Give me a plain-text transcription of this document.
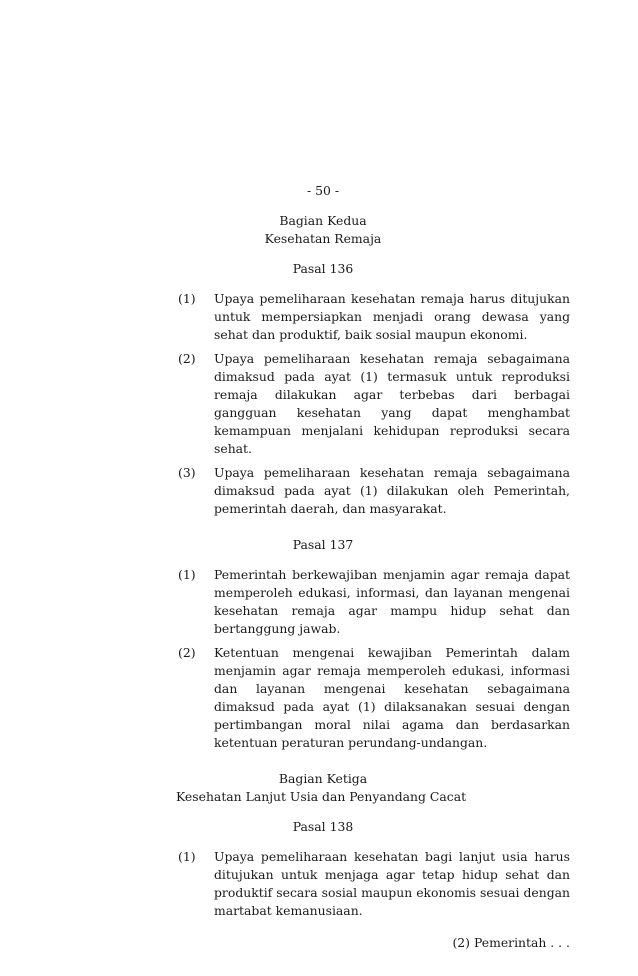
- 50 -
Bagian Kedua
Kesehatan Remaja
Pasal 136
(1)	Upaya pemeliharaan kesehatan remaja harus ditujukan untuk mempersiapkan menjadi orang dewasa yang sehat dan produktif, baik sosial maupun ekonomi.
(2)	Upaya pemeliharaan kesehatan remaja sebagaimana dimaksud pada ayat (1) termasuk untuk reproduksi remaja dilakukan agar terbebas dari berbagai gangguan kesehatan yang dapat menghambat kemampuan menjalani kehidupan reproduksi secara sehat.
(3)	Upaya pemeliharaan kesehatan remaja sebagaimana dimaksud pada ayat (1) dilakukan oleh Pemerintah, pemerintah daerah, dan masyarakat.
Pasal 137
(1)	Pemerintah berkewajiban menjamin agar remaja dapat memperoleh edukasi, informasi, dan layanan mengenai kesehatan remaja agar mampu hidup sehat dan bertanggung jawab.
(2)	Ketentuan mengenai kewajiban Pemerintah dalam menjamin agar remaja memperoleh edukasi, informasi dan layanan mengenai kesehatan sebagaimana dimaksud pada ayat (1) dilaksanakan sesuai dengan pertimbangan moral nilai agama dan berdasarkan ketentuan peraturan perundang-undangan.
Bagian Ketiga
Kesehatan Lanjut Usia dan Penyandang Cacat
Pasal 138
(1)	Upaya pemeliharaan kesehatan bagi lanjut usia harus ditujukan untuk menjaga agar tetap hidup sehat dan produktif secara sosial maupun ekonomis sesuai dengan martabat kemanusiaan.
(2) Pemerintah . . .
